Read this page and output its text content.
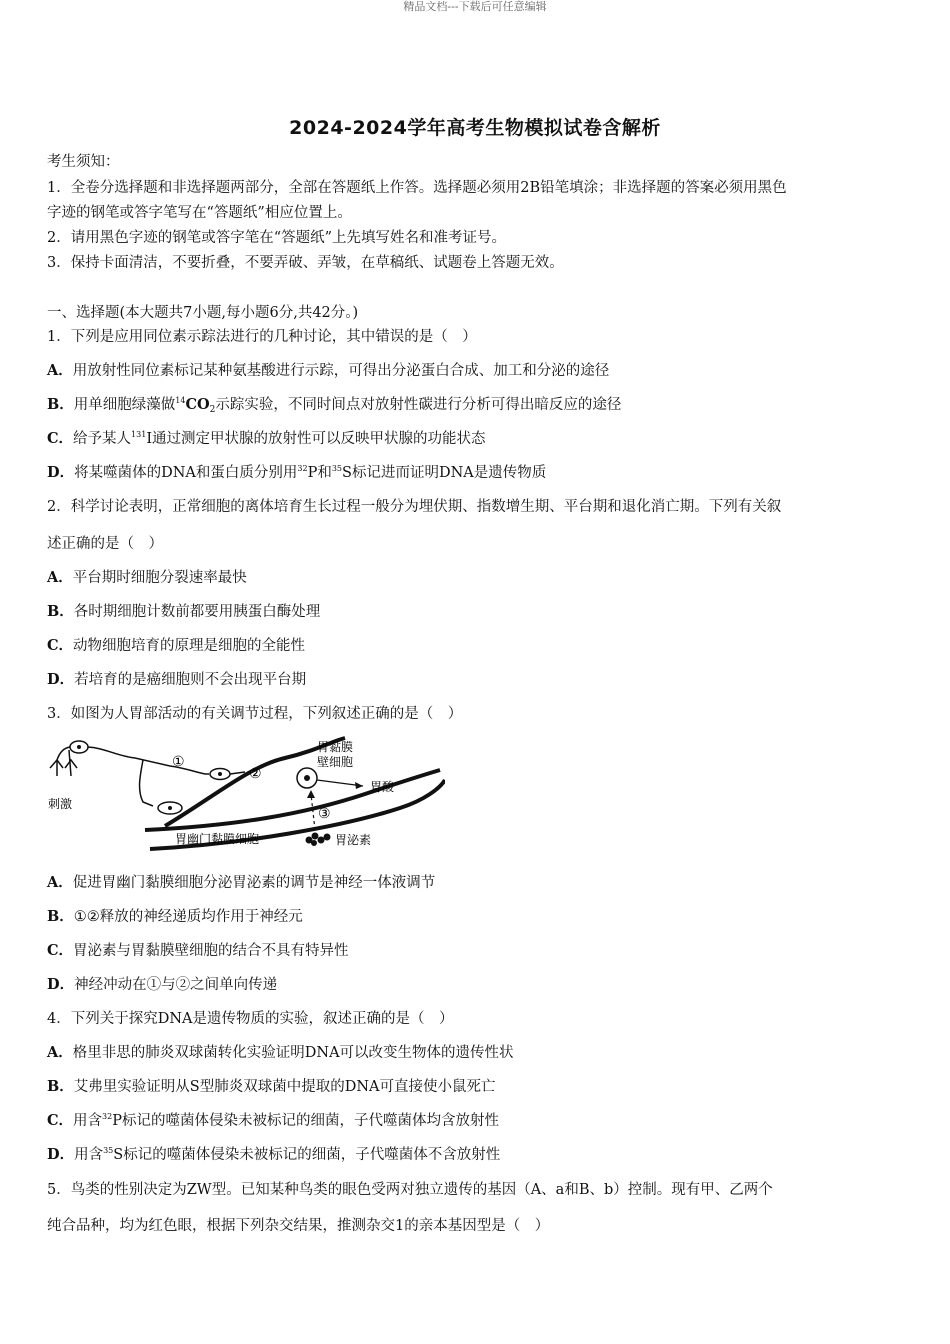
精品文档---下载后可任意编辑
2024-2024学年高考生物模拟试卷含解析
考生须知：
1．全卷分选择题和非选择题两部分，全部在答题纸上作答。选择题必须用2B铅笔填涂；非选择题的答案必须用黑色
字迹的钢笔或答字笔写在“答题纸”相应位置上。
2．请用黑色字迹的钢笔或答字笔在“答题纸”上先填写姓名和准考证号。
3．保持卡面清洁，不要折叠，不要弄破、弄皱，在草稿纸、试题卷上答题无效。
一、选择题(本大题共7小题,每小题6分,共42分。)
1．下列是应用同位素示踪法进行的几种讨论，其中错误的是（　）
A．用放射性同位素标记某种氨基酸进行示踪，可得出分泌蛋白合成、加工和分泌的途径
B．用单细胞绿藻做$^{14}CO_2$示踪实验，不同时间点对放射性碳进行分析可得出暗反应的途径
C．给予某人$^{131}$I通过测定甲状腺的放射性可以反映甲状腺的功能状态
D．将某噬菌体的DNA和蛋白质分别用$^{32}$P和$^{35}$S标记进而证明DNA是遗传物质
2．科学讨论表明，正常细胞的离体培育生长过程一般分为埋伏期、指数增生期、平台期和退化消亡期。下列有关叙
述正确的是（　）
A．平台期时细胞分裂速率最快
B．各时期细胞计数前都要用胰蛋白酶处理
C．动物细胞培育的原理是细胞的全能性
D．若培育的是癌细胞则不会出现平台期
3．如图为人胃部活动的有关调节过程，下列叙述正确的是（　）
①
②
③
胃黏膜
壁细胞
胃酸
胃幽门黏膜细胞	胃泌素
刺激
A．促进胃幽门黏膜细胞分泌胃泌素的调节是神经一体液调节
B．①②释放的神经递质均作用于神经元
C．胃泌素与胃黏膜壁细胞的结合不具有特异性
D．神经冲动在①与②之间单向传递
4．下列关于探究DNA是遗传物质的实验，叙述正确的是（　）
A．格里非思的肺炎双球菌转化实验证明DNA可以改变生物体的遗传性状
B．艾弗里实验证明从S型肺炎双球菌中提取的DNA可直接使小鼠死亡
C．用含$^{32}$P标记的噬菌体侵染未被标记的细菌，子代噬菌体均含放射性
D．用含$^{35}$S标记的噬菌体侵染未被标记的细菌，子代噬菌体不含放射性
5．鸟类的性别决定为ZW型。已知某种鸟类的眼色受两对独立遗传的基因（A、a和B、b）控制。现有甲、乙两个
纯合品种，均为红色眼，根据下列杂交结果，推测杂交1的亲本基因型是（　）
